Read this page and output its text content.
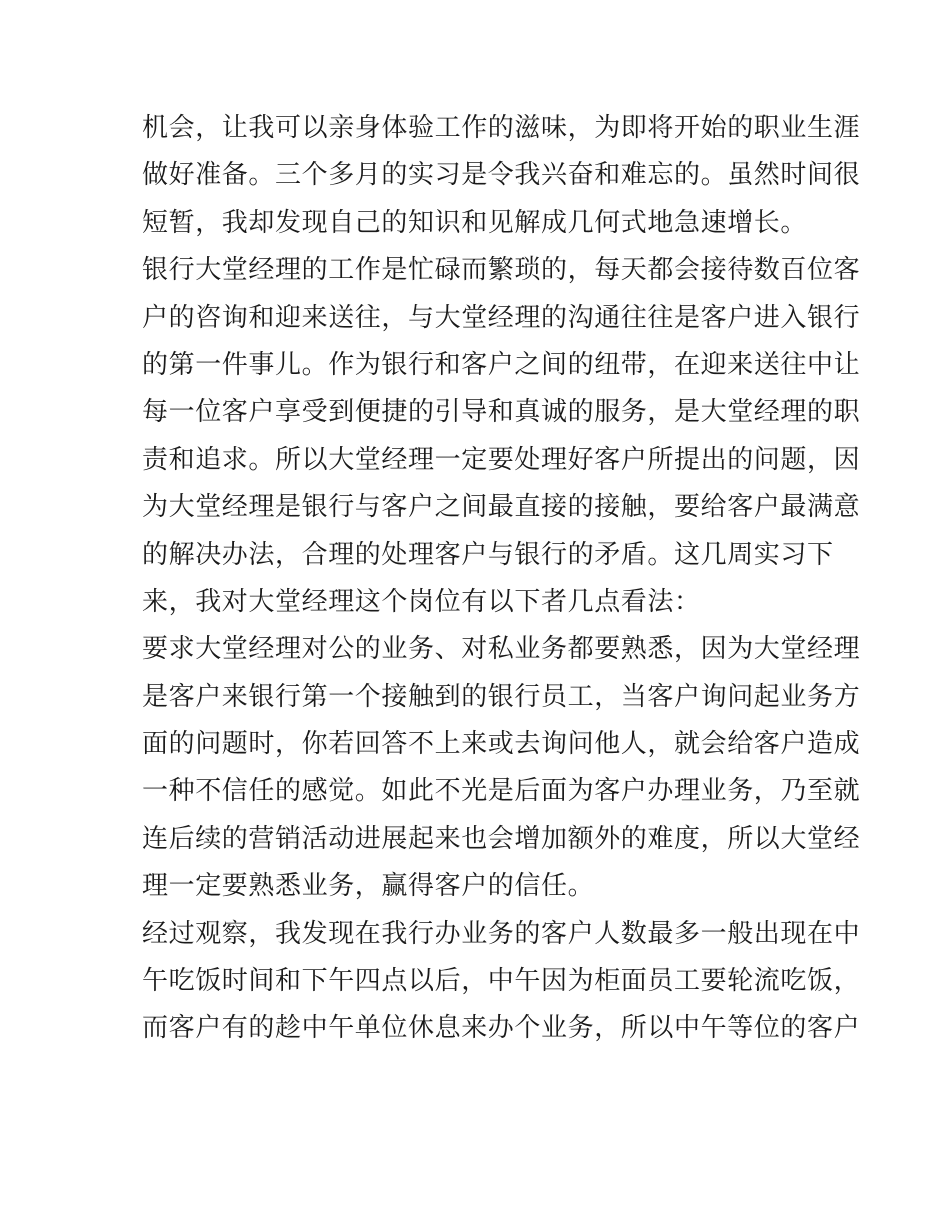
机会，让我可以亲身体验工作的滋味，为即将开始的职业生涯
做好准备。三个多月的实习是令我兴奋和难忘的。虽然时间很
短暂，我却发现自己的知识和见解成几何式地急速增长。
银行大堂经理的工作是忙碌而繁琐的，每天都会接待数百位客
户的咨询和迎来送往，与大堂经理的沟通往往是客户进入银行
的第一件事儿。作为银行和客户之间的纽带，在迎来送往中让
每一位客户享受到便捷的引导和真诚的服务，是大堂经理的职
责和追求。所以大堂经理一定要处理好客户所提出的问题，因
为大堂经理是银行与客户之间最直接的接触，要给客户最满意
的解决办法，合理的处理客户与银行的矛盾。这几周实习下
来，我对大堂经理这个岗位有以下者几点看法：
要求大堂经理对公的业务、对私业务都要熟悉，因为大堂经理
是客户来银行第一个接触到的银行员工，当客户询问起业务方
面的问题时，你若回答不上来或去询问他人，就会给客户造成
一种不信任的感觉。如此不光是后面为客户办理业务，乃至就
连后续的营销活动进展起来也会增加额外的难度，所以大堂经
理一定要熟悉业务，赢得客户的信任。
经过观察，我发现在我行办业务的客户人数最多一般出现在中
午吃饭时间和下午四点以后，中午因为柜面员工要轮流吃饭，
而客户有的趁中午单位休息来办个业务，所以中午等位的客户
